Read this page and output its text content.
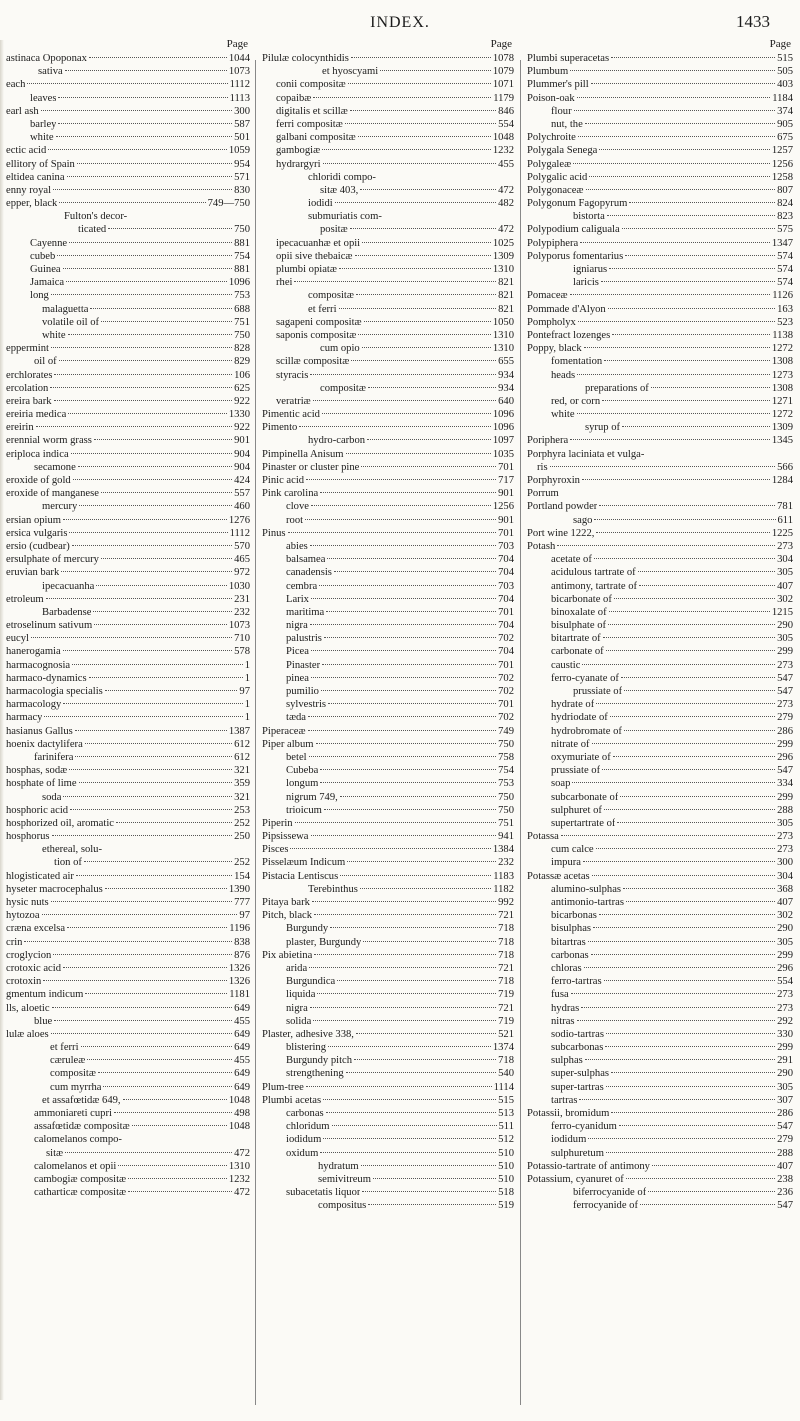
INDEX.	1433
Page
astinaca Opoponax	1044
sativa	1073
each	1112
leaves	1113
earl ash	300
barley	587
white	501
ectic acid	1059
ellitory of Spain	954
eltidea canina	571
enny royal	830
epper, black	749—750
Fulton's decor-
ticated	750
Cayenne	881
cubeb	754
Guinea	881
Jamaica	1096
long	753
malaguetta	688
volatile oil of	751
white	750
eppermint	828
oil of	829
erchlorates	106
ercolation	625
ereira bark	922
ereiria medica	1330
ereirin	922
erennial worm grass	901
eriploca indica	904
secamone	904
eroxide of gold	424
eroxide of manganese	557
mercury	460
ersian opium	1276
ersica vulgaris	1112
ersio (cudbear)	570
ersulphate of mercury	465
eruvian bark	972
ipecacuanha	1030
etroleum	231
Barbadense	232
etroselinum sativum	1073
eucyl	710
hanerogamia	578
harmacognosia	1
harmaco-dynamics	1
harmacologia specialis	97
harmacology	1
harmacy	1
hasianus Gallus	1387
hoenix dactylifera	612
farinifera	612
hosphas, sodæ	321
hosphate of lime	359
soda	321
hosphoric acid	253
hosphorized oil, aromatic	252
hosphorus	250
ethereal, solu-
tion of	252
hlogisticated air	154
hyseter macrocephalus	1390
hysic nuts	777
hytozoa	97
cræna excelsa	1196
crin	838
croglycion	876
crotoxic acid	1326
crotoxin	1326
gmentum indicum	1181
lls, aloetic	649
blue	455
lulæ aloes	649
et ferri	649
cæruleæ	455
compositæ	649
cum myrrha	649
et assafœtidæ 649,	1048
ammoniareti cupri	498
assafœtidæ compositæ	1048
calomelanos compo-
sitæ	472
calomelanos et opii	1310
cambogiæ compositæ	1232
catharticæ compositæ	472
Page
Pilulæ colocynthidis	1078
et hyoscyami	1079
conii compositæ	1071
copaibæ	1179
digitalis et scillæ	846
ferri compositæ	554
galbani compositæ	1048
gambogiæ	1232
hydrargyri	455
chloridi compo-
sitæ 403,	472
iodidi	482
submuriatis com-
positæ	472
ipecacuanhæ et opii	1025
opii sive thebaicæ	1309
plumbi opiatæ	1310
rhei	821
compositæ	821
et ferri	821
sagapeni compositæ	1050
saponis compositæ	1310
cum opio	1310
scillæ compositæ	655
styracis	934
compositæ	934
veratriæ	640
Pimentic acid	1096
Pimento	1096
hydro-carbon	1097
Pimpinella Anisum	1035
Pinaster or cluster pine	701
Pinic acid	717
Pink carolina	901
clove	1256
root	901
Pinus	701
abies	703
balsamea	704
canadensis	704
cembra	703
Larix	704
maritima	701
nigra	704
palustris	702
Picea	704
Pinaster	701
pinea	702
pumilio	702
sylvestris	701
tæda	702
Piperaceæ	749
Piper album	750
betel	758
Cubeba	754
longum	753
nigrum 749,	750
trioicum	750
Piperin	751
Pipsissewa	941
Pisces	1384
Pisselæum Indicum	232
Pistacia Lentiscus	1183
Terebinthus	1182
Pitaya bark	992
Pitch, black	721
Burgundy	718
plaster, Burgundy	718
Pix abietina	718
arida	721
Burgundica	718
liquida	719
nigra	721
solida	719
Plaster, adhesive 338,	521
blistering	1374
Burgundy pitch	718
strengthening	540
Plum-tree	1114
Plumbi acetas	515
carbonas	513
chloridum	511
iodidum	512
oxidum	510
hydratum	510
semivitreum	510
subacetatis liquor	518
compositus	519
Page
Plumbi superacetas	515
Plumbum	505
Plummer's pill	403
Poison-oak	1184
flour	374
nut, the	905
Polychroite	675
Polygala Senega	1257
Polygaleæ	1256
Polygalic acid	1258
Polygonaceæ	807
Polygonum Fagopyrum	824
bistorta	823
Polypodium caliguala	575
Polypiphera	1347
Polyporus fomentarius	574
igniarus	574
laricis	574
Pomaceæ	1126
Pommade d'Alyon	163
Pompholyx	523
Pontefract lozenges	1138
Poppy, black	1272
fomentation	1308
heads	1273
preparations of	1308
red, or corn	1271
white	1272
syrup of	1309
Poriphera	1345
Porphyra laciniata et vulga-
ris	566
Porphyroxin	1284
Porrum
Portland powder	781
sago	611
Port wine 1222,	1225
Potash	273
acetate of	304
acidulous tartrate of	305
antimony, tartrate of	407
bicarbonate of	302
binoxalate of	1215
bisulphate of	290
bitartrate of	305
carbonate of	299
caustic	273
ferro-cyanate of	547
prussiate of	547
hydrate of	273
hydriodate of	279
hydrobromate of	286
nitrate of	299
oxymuriate of	296
prussiate of	547
soap	334
subcarbonate of	299
sulphuret of	288
supertartrate of	305
Potassa	273
cum calce	273
impura	300
Potassæ acetas	304
alumino-sulphas	368
antimonio-tartras	407
bicarbonas	302
bisulphas	290
bitartras	305
carbonas	299
chloras	296
ferro-tartras	554
fusa	273
hydras	273
nitras	292
sodio-tartras	330
subcarbonas	299
sulphas	291
super-sulphas	290
super-tartras	305
tartras	307
Potassii, bromidum	286
ferro-cyanidum	547
iodidum	279
sulphuretum	288
Potassio-tartrate of antimony	407
Potassium, cyanuret of	238
biferrocyanide of	236
ferrocyanide of	547
